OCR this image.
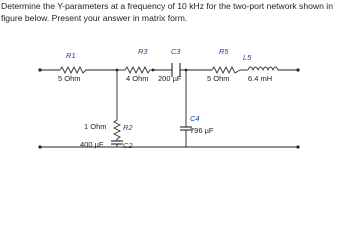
Determine the Y-parameters at a frequency of 10 kHz for the two-port network shown in
figure below. Present your answer in matrix form.
R1
5 Ohm
R3
4 Ohm
C3
200 µF
R5
5 Ohm
L5
6.4 mH
R2
1 Ohm
C2
400 µF
C4
796 µF
